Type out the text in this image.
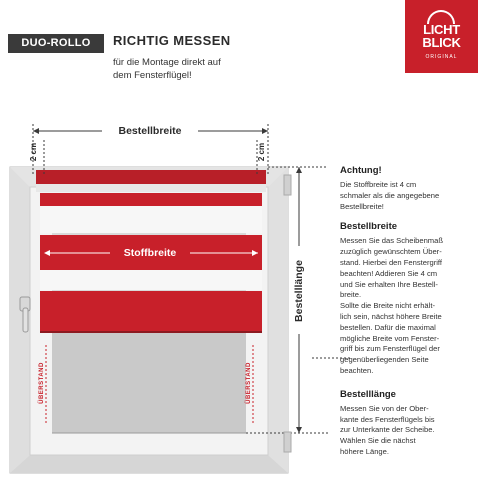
DUO-ROLLO	RICHTIG MESSEN
für die Montage direkt auf
dem Fensterflügel!
LICHT
BLICK
ORIGINAL
Bestellbreite
Stoffbreite
Bestelllänge
2 cm	2 cm
ÜBERSTAND	ÜBERSTAND
Achtung!
Die Stoffbreite ist 4 cm
schmaler als die angegebene
Bestellbreite!
Bestellbreite
Messen Sie das Scheibenmaß
zuzüglich gewünschtem Über-
stand. Hierbei den Fenstergriff
beachten! Addieren Sie 4 cm
und Sie erhalten Ihre Bestell-
breite.
Sollte die Breite nicht erhält-
lich sein, nächst höhere Breite
bestellen. Dafür die maximal
mögliche Breite vom Fenster-
griff bis zum Fensterflügel der
gegenüberliegenden Seite
beachten.
Bestelllänge
Messen Sie von der Ober-
kante des Fensterflügels bis
zur Unterkante der Scheibe.
Wählen Sie die nächst
höhere Länge.
